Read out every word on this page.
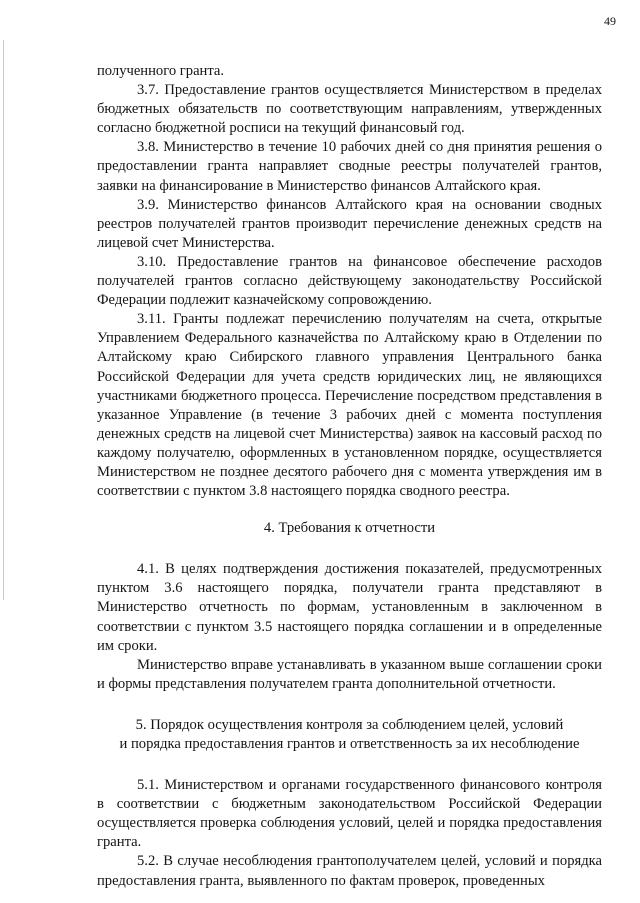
49

полученного гранта.

3.7. Предоставление грантов осуществляется Министерством в пределах бюджетных обязательств по соответствующим направлениям, утвержденных согласно бюджетной росписи на текущий финансовый год.

3.8. Министерство в течение 10 рабочих дней со дня принятия решения о предоставлении гранта направляет сводные реестры получателей грантов, заявки на финансирование в Министерство финансов Алтайского края.

3.9. Министерство финансов Алтайского края на основании сводных реестров получателей грантов производит перечисление денежных средств на лицевой счет Министерства.

3.10. Предоставление грантов на финансовое обеспечение расходов получателей грантов согласно действующему законодательству Российской Федерации подлежит казначейскому сопровождению.

3.11. Гранты подлежат перечислению получателям на счета, открытые Управлением Федерального казначейства по Алтайскому краю в Отделении по Алтайскому краю Сибирского главного управления Центрального банка Российской Федерации для учета средств юридических лиц, не являющихся участниками бюджетного процесса. Перечисление посредством представления в указанное Управление (в течение 3 рабочих дней с момента поступления денежных средств на лицевой счет Министерства) заявок на кассовый расход по каждому получателю, оформленных в установленном порядке, осуществляется Министерством не позднее десятого рабочего дня с момента утверждения им в соответствии с пунктом 3.8 настоящего порядка сводного реестра.

4. Требования к отчетности

4.1. В целях подтверждения достижения показателей, предусмотренных пунктом 3.6 настоящего порядка, получатели гранта представляют в Министерство отчетность по формам, установленным в заключенном в соответствии с пунктом 3.5 настоящего порядка соглашении и в определенные им сроки.

Министерство вправе устанавливать в указанном выше соглашении сроки и формы представления получателем гранта дополнительной отчетности.

5. Порядок осуществления контроля за соблюдением целей, условий
и порядка предоставления грантов и ответственность за их несоблюдение

5.1. Министерством и органами государственного финансового контроля в соответствии с бюджетным законодательством Российской Федерации осуществляется проверка соблюдения условий, целей и порядка предоставления гранта.

5.2. В случае несоблюдения грантополучателем целей, условий и порядка предоставления гранта, выявленного по фактам проверок, проведенных
